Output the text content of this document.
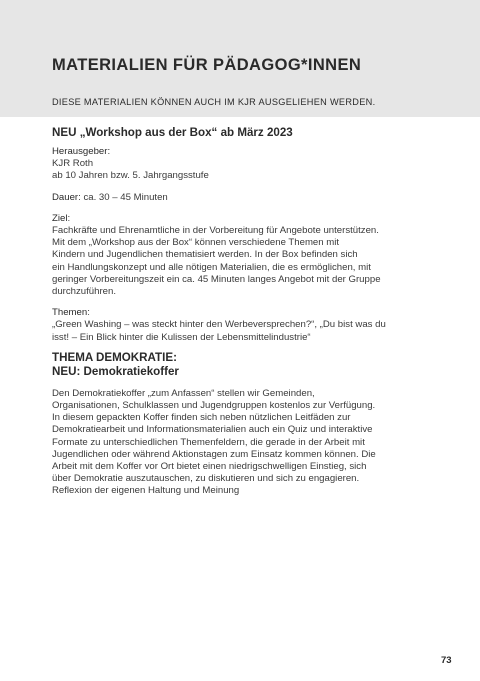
MATERIALIEN FÜR PÄDAGOG*INNEN
DIESE MATERIALIEN KÖNNEN AUCH IM KJR AUSGELIEHEN WERDEN.

NEU „Workshop aus der Box“ ab März 2023

Herausgeber:

KJR Roth

ab 10 Jahren bzw. 5. Jahrgangsstufe

Dauer: ca. 30 – 45 Minuten

Ziel:

Fachkräfte und Ehrenamtliche in der Vorbereitung für Angebote unterstützen.

Mit dem „Workshop aus der Box“ können verschiedene Themen mit

Kindern und Jugendlichen thematisiert werden. In der Box befinden sich

ein Handlungskonzept und alle nötigen Materialien, die es ermöglichen, mit

geringer Vorbereitungszeit ein ca. 45 Minuten langes Angebot mit der Gruppe

durchzuführen.

Themen:

„Green Washing – was steckt hinter den Werbeversprechen?“, „Du bist was du

isst! – Ein Blick hinter die Kulissen der Lebensmittelindustrie“

THEMA DEMOKRATIE:

NEU: Demokratiekoffer

Den Demokratiekoffer „zum Anfassen“ stellen wir Gemeinden,

Organisationen, Schulklassen und Jugendgruppen kostenlos zur Verfügung.

In diesem gepackten Koffer finden sich neben nützlichen Leitfäden zur

Demokratiearbeit und Informationsmaterialien auch ein Quiz und interaktive

Formate zu unterschiedlichen Themenfeldern, die gerade in der Arbeit mit

Jugendlichen oder während Aktionstagen zum Einsatz kommen können. Die

Arbeit mit dem Koffer vor Ort bietet einen niedrigschwelligen Einstieg, sich

über Demokratie auszutauschen, zu diskutieren und sich zu engagieren.

Reflexion der eigenen Haltung und Meinung

73
